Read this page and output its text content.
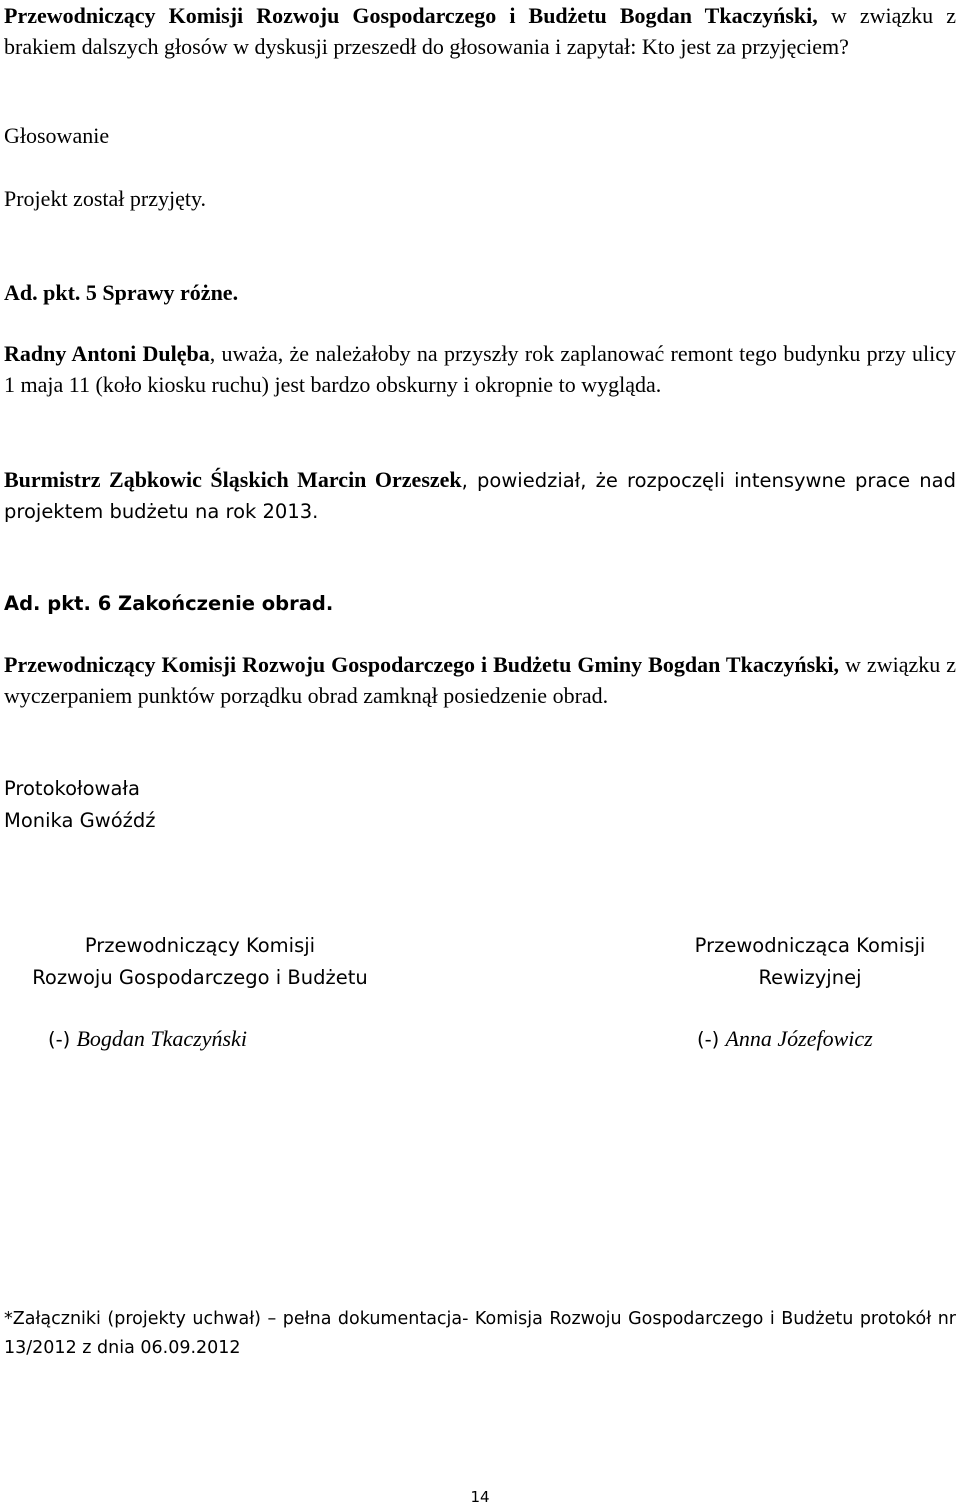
Przewodniczący Komisji Rozwoju Gospodarczego i Budżetu Bogdan Tkaczyński, w związku z brakiem dalszych głosów w dyskusji przeszedł do głosowania i zapytał: Kto jest za przyjęciem?

Głosowanie

Projekt został przyjęty.

Ad. pkt. 5 Sprawy różne.

Radny Antoni Dulęba, uważa, że należałoby na przyszły rok zaplanować remont tego budynku przy ulicy 1 maja 11 (koło kiosku ruchu) jest bardzo obskurny i okropnie to wygląda.

Burmistrz Ząbkowic Śląskich Marcin Orzeszek, powiedział, że rozpoczęli intensywne prace nad projektem budżetu na rok 2013.

Ad. pkt. 6 Zakończenie obrad.

Przewodniczący Komisji Rozwoju Gospodarczego i Budżetu Gminy Bogdan Tkaczyński, w związku z wyczerpaniem punktów porządku obrad zamknął posiedzenie obrad.

Protokołowała
Monika Gwóźdź
Przewodniczący Komisji
Rozwoju Gospodarczego i Budżetu
Przewodnicząca Komisji
Rewizyjnej
(-) Bogdan Tkaczyński	(-) Anna Józefowicz

*Załączniki (projekty uchwał) – pełna dokumentacja- Komisja Rozwoju Gospodarczego i Budżetu protokół nr 13/2012 z dnia 06.09.2012

14
